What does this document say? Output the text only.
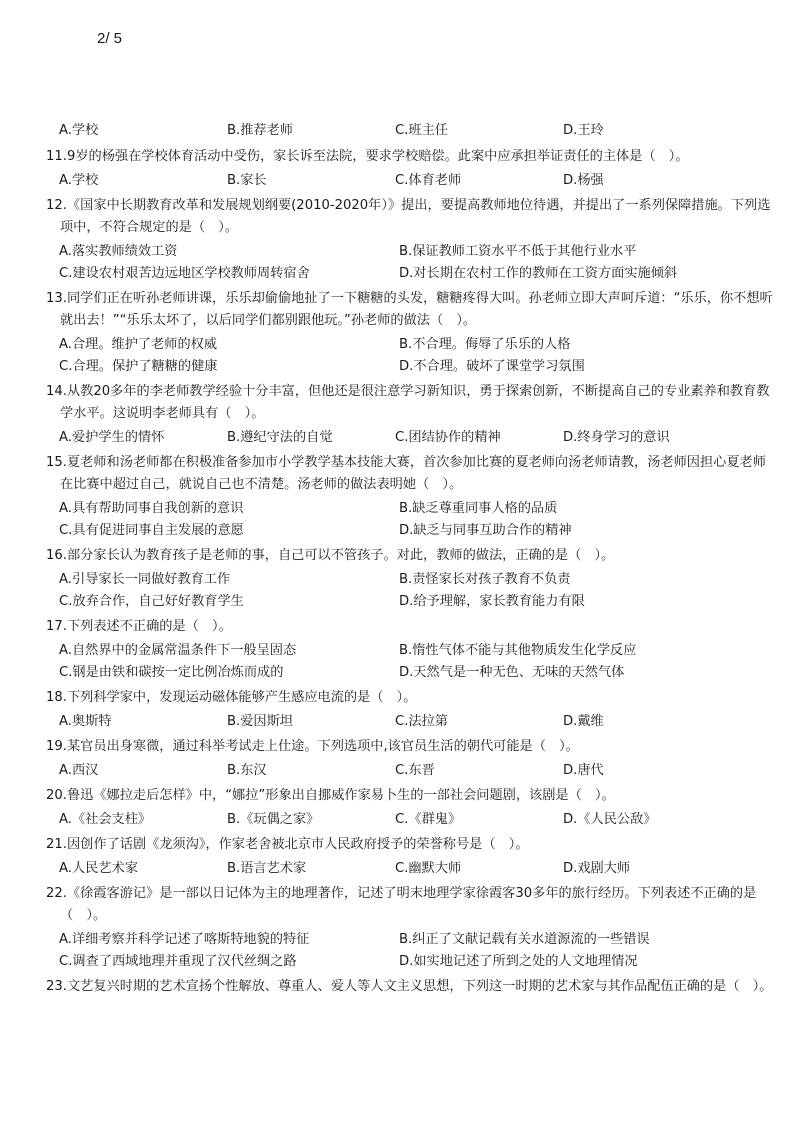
2/ 5
A.学校	B.推荐老师	C.班主任	D.王玲
11.9岁的杨强在学校体育活动中受伤，家长诉至法院，要求学校赔偿。此案中应承担举证责任的主体是（　）。
A.学校	B.家长	C.体育老师	D.杨强
12.《国家中长期教育改革和发展规划纲要(2010-2020年）》提出，要提高教师地位待遇，并提出了一系列保障措施。下列选项中，不符合规定的是（　）。
A.落实教师绩效工资	B.保证教师工资水平不低于其他行业水平
C.建设农村艰苦边远地区学校教师周转宿舍	D.对长期在农村工作的教师在工资方面实施倾斜
13.同学们正在听孙老师讲课，乐乐却偷偷地扯了一下糖糖的头发，糖糖疼得大叫。孙老师立即大声呵斥道：“乐乐，你不想听就出去！”“乐乐太坏了，以后同学们都别跟他玩。”孙老师的做法（　）。
A.合理。维护了老师的权威	B.不合理。侮辱了乐乐的人格
C.合理。保护了糖糖的健康	D.不合理。破坏了课堂学习氛围
14.从教20多年的李老师教学经验十分丰富，但他还是很注意学习新知识，勇于探索创新，不断提高自己的专业素养和教育教学水平。这说明李老师具有（　）。
A.爱护学生的情怀	B.遵纪守法的自觉	C.团结协作的精神	D.终身学习的意识
15.夏老师和汤老师都在积极准备参加市小学教学基本技能大赛，首次参加比赛的夏老师向汤老师请教，汤老师因担心夏老师在比赛中超过自己，就说自己也不清楚。汤老师的做法表明她（　）。
A.具有帮助同事自我创新的意识	B.缺乏尊重同事人格的品质
C.具有促进同事自主发展的意愿	D.缺乏与同事互助合作的精神
16.部分家长认为教育孩子是老师的事，自己可以不管孩子。对此，教师的做法，正确的是（　）。
A.引导家长一同做好教育工作	B.责怪家长对孩子教育不负责
C.放弃合作，自己好好教育学生	D.给予理解，家长教育能力有限
17.下列表述不正确的是（　）。
A.自然界中的金属常温条件下一般呈固态	B.惰性气体不能与其他物质发生化学反应
C.钢是由铁和碳按一定比例冶炼而成的	D.天然气是一种无色、无味的天然气体
18.下列科学家中，发现运动磁体能够产生感应电流的是（　）。
A.奥斯特	B.爱因斯坦	C.法拉第	D.戴维
19.某官员出身寒微，通过科举考试走上仕途。下列选项中,该官员生活的朝代可能是（　）。
A.西汉	B.东汉	C.东晋	D.唐代
20.鲁迅《娜拉走后怎样》中，“娜拉”形象出自挪威作家易卜生的一部社会问题剧，该剧是（　）。
A.《社会支柱》	B.《玩偶之家》	C.《群鬼》	D.《人民公敌》
21.因创作了话剧《龙须沟》，作家老舍被北京市人民政府授予的荣誉称号是（　）。
A.人民艺术家	B.语言艺术家	C.幽默大师	D.戏剧大师
22.《徐霞客游记》是一部以日记体为主的地理著作，记述了明末地理学家徐霞客30多年的旅行经历。下列表述不正确的是（　）。
A.详细考察并科学记述了喀斯特地貌的特征	B.纠正了文献记载有关水道源流的一些错误
C.调查了西域地理并重现了汉代丝绸之路	D.如实地记述了所到之处的人文地理情况
23.文艺复兴时期的艺术宣扬个性解放、尊重人、爱人等人文主义思想，下列这一时期的艺术家与其作品配伍正确的是（　）。
